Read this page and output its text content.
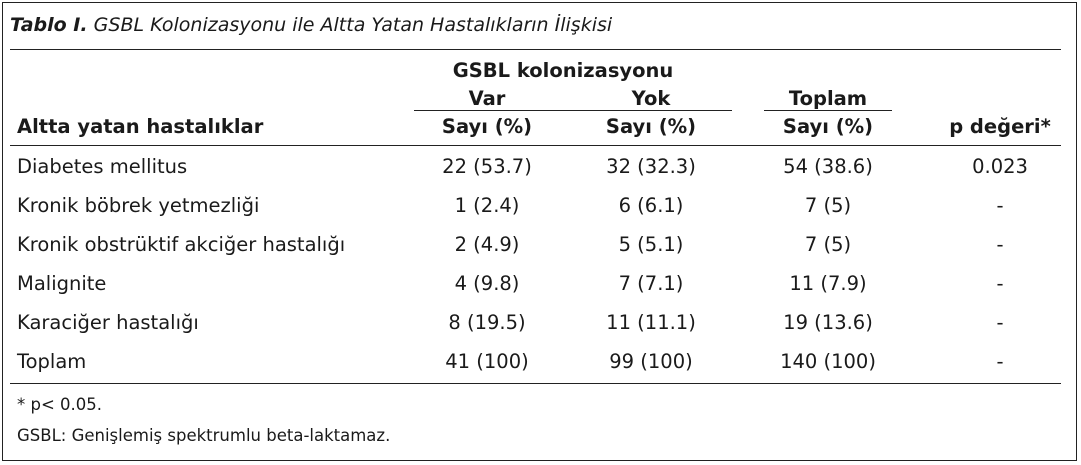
Tablo I. GSBL Kolonizasyonu ile Altta Yatan Hastalıkların İlişkisi
GSBL kolonizasyonu
Var	Yok	Toplam
Altta yatan hastalıklar	Sayı (%)	Sayı (%)	Sayı (%)	p değeri*
Diabetes mellitus	22 (53.7)	32 (32.3)	54 (38.6)	0.023
Kronik böbrek yetmezliği	1 (2.4)	6 (6.1)	7 (5)	-
Kronik obstrüktif akciğer hastalığı	2 (4.9)	5 (5.1)	7 (5)	-
Malignite	4 (9.8)	7 (7.1)	11 (7.9)	-
Karaciğer hastalığı	8 (19.5)	11 (11.1)	19 (13.6)	-
Toplam	41 (100)	99 (100)	140 (100)	-
* p< 0.05.
GSBL: Genişlemiş spektrumlu beta-laktamaz.
